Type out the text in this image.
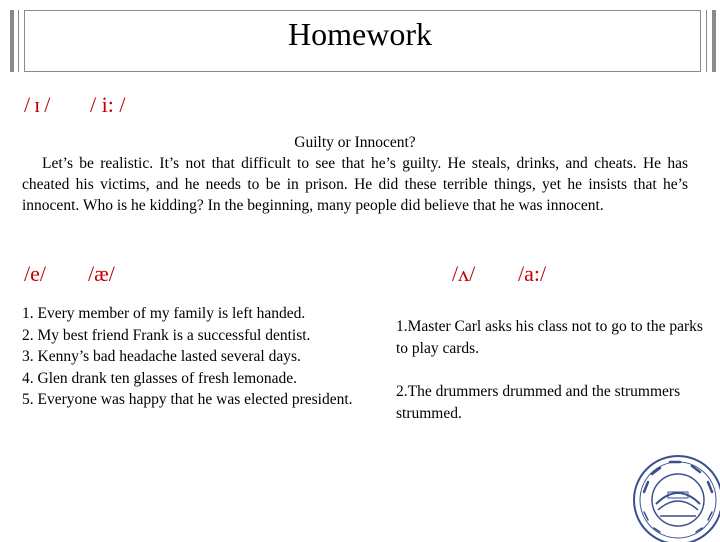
Homework
/ɪ/ / i: /
Guilty or Innocent?
Let’s be realistic. It’s not that difficult to see that he’s guilty. He steals, drinks, and cheats. He has cheated his victims, and he needs to be in prison. He did these terrible things, yet he insists that he’s innocent. Who is he kidding? In the beginning, many people did believe that he was innocent.
/e/ /æ/	/ʌ/ /a:/
1. Every member of my family is left handed.
2. My best friend Frank is a successful dentist.
3. Kenny’s bad headache lasted several days.
4. Glen drank ten glasses of fresh lemonade.
5. Everyone was happy that he was elected president.
1.Master Carl asks his class not to go to the parks to play cards.
2.The drummers drummed and the strummers strummed.
